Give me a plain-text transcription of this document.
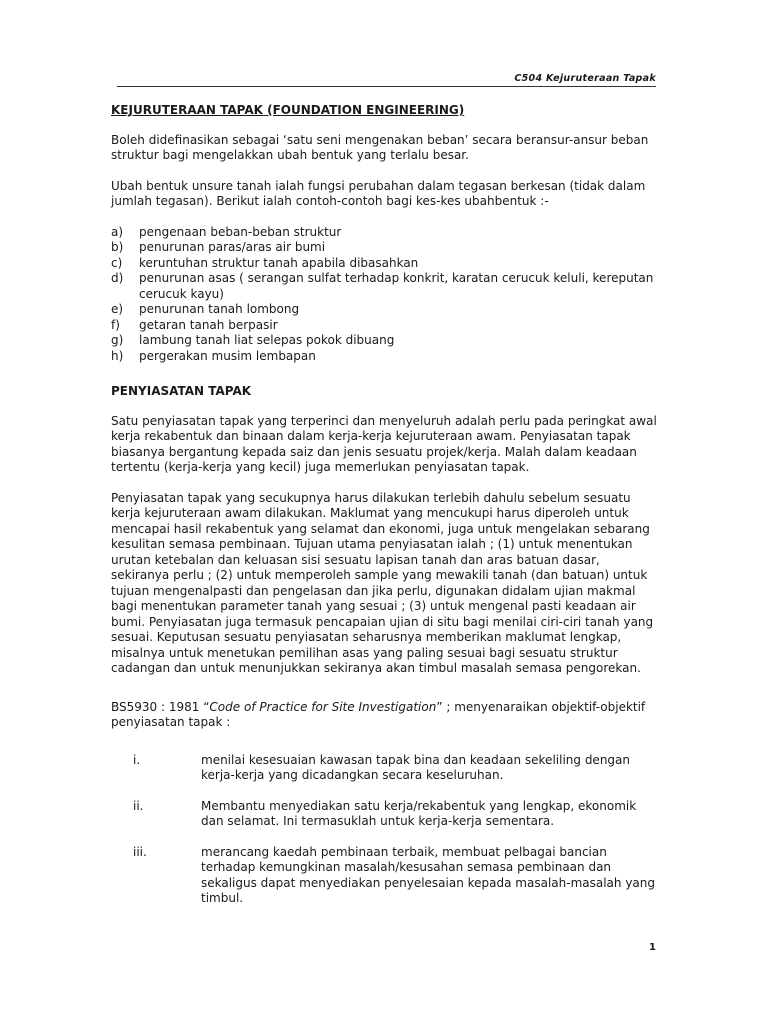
C504 Kejuruteraan Tapak
KEJURUTERAAN TAPAK (FOUNDATION ENGINEERING)

Boleh didefinasikan sebagai ‘satu seni mengenakan beban’ secara beransur-ansur beban struktur bagi mengelakkan ubah bentuk yang terlalu besar.

Ubah bentuk unsure tanah ialah fungsi perubahan dalam tegasan berkesan (tidak dalam jumlah tegasan). Berikut ialah contoh-contoh bagi kes-kes ubahbentuk :-

a)	pengenaan beban-beban struktur
b)	penurunan paras/aras air bumi
c)	keruntuhan struktur tanah apabila dibasahkan
d)	penurunan asas ( serangan sulfat terhadap konkrit, karatan cerucuk keluli, kereputan cerucuk kayu)
e)	penurunan tanah lombong
f)	getaran tanah berpasir
g)	lambung tanah liat selepas pokok dibuang
h)	pergerakan musim lembapan
PENYIASATAN TAPAK

Satu penyiasatan tapak yang terperinci dan menyeluruh adalah perlu pada peringkat awal kerja rekabentuk dan binaan dalam kerja-kerja kejuruteraan awam. Penyiasatan tapak biasanya bergantung kepada saiz dan jenis sesuatu projek/kerja. Malah dalam keadaan tertentu (kerja-kerja yang kecil) juga memerlukan penyiasatan tapak.

Penyiasatan tapak yang secukupnya harus dilakukan terlebih dahulu sebelum sesuatu kerja kejuruteraan awam dilakukan. Maklumat yang mencukupi harus diperoleh untuk mencapai hasil rekabentuk yang selamat dan ekonomi, juga untuk mengelakan sebarang kesulitan semasa pembinaan. Tujuan utama penyiasatan ialah ; (1) untuk menentukan urutan ketebalan dan keluasan sisi sesuatu lapisan tanah dan aras batuan dasar, sekiranya perlu ; (2) untuk memperoleh sample yang mewakili tanah (dan batuan) untuk tujuan mengenalpasti dan pengelasan dan jika perlu, digunakan didalam ujian makmal bagi menentukan parameter tanah yang sesuai ; (3) untuk mengenal pasti keadaan air bumi. Penyiasatan juga termasuk pencapaian ujian di situ bagi menilai ciri-ciri tanah yang sesuai. Keputusan sesuatu penyiasatan seharusnya memberikan maklumat lengkap, misalnya untuk menetukan pemilihan asas yang paling sesuai bagi sesuatu struktur cadangan dan untuk menunjukkan sekiranya akan timbul masalah semasa pengorekan.

BS5930 : 1981 “Code of Practice for Site Investigation” ; menyenaraikan objektif-objektif penyiasatan tapak :

i.	menilai kesesuaian kawasan tapak bina dan keadaan sekeliling dengan kerja-kerja yang dicadangkan secara keseluruhan.
ii.	Membantu menyediakan satu kerja/rekabentuk yang lengkap, ekonomik dan selamat. Ini termasuklah untuk kerja-kerja sementara.
iii.	merancang kaedah pembinaan terbaik, membuat pelbagai bancian terhadap kemungkinan masalah/kesusahan semasa pembinaan dan sekaligus dapat menyediakan penyelesaian kepada masalah-masalah yang timbul.
1
